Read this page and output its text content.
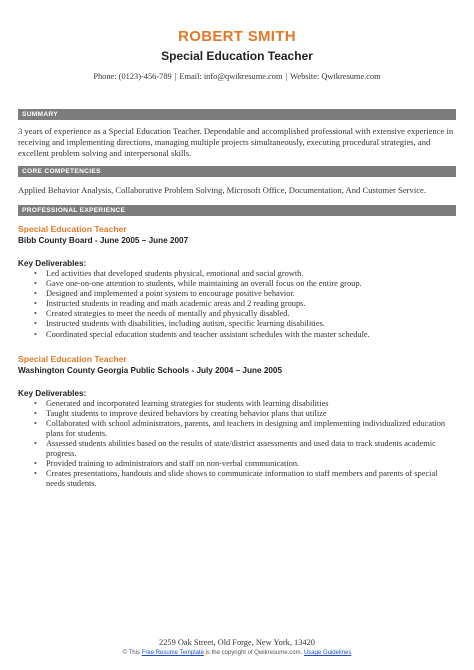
ROBERT SMITH
Special Education Teacher
Phone: (0123)-456-789 | Email: info@qwikresume.com | Website: Qwikresume.com
SUMMARY
3 years of experience as a Special Education Teacher. Dependable and accomplished professional with extensive experience in receiving and implementing directions, managing multiple projects simultaneously, executing procedural strategies, and excellent problem solving and interpersonal skills.
CORE COMPETENCIES
Applied Behavior Analysis, Collaborative Problem Solving, Microsoft Office, Documentation, And Customer Service.
PROFESSIONAL EXPERIENCE
Special Education Teacher
Bibb County Board - June 2005 – June 2007
Key Deliverables:
• Led activities that developed students physical, emotional and social growth.
• Gave one-on-one attention to students, while maintaining an overall focus on the entire group.
• Designed and implemented a point system to encourage positive behavior.
• Instructed students in reading and math academic areas and 2 reading groups.
• Created strategies to meet the needs of mentally and physically disabled.
• Instructed students with disabilities, including autism, specific learning disabilities.
• Coordinated special education students and teacher assistant schedules with the master schedule.
Special Education Teacher
Washington County Georgia Public Schools - July 2004 – June 2005
Key Deliverables:
• Generated and incorporated learning strategies for students with learning disabilities
• Taught students to improve desired behaviors by creating behavior plans that utilize
• Collaborated with school administrators, parents, and teachers in designing and implementing individualized education plans for students.
• Assessed students abilities based on the results of state/district assessments and used data to track students academic progress.
• Provided training to administrators and staff on non-verbal communication.
• Creates presentations, handouts and slide shows to communicate information to staff members and parents of special needs students.
2259 Oak Street, Old Forge, New York, 13420
© This Free Resume Template is the copyright of Qwikresume.com. Usage Guidelines
